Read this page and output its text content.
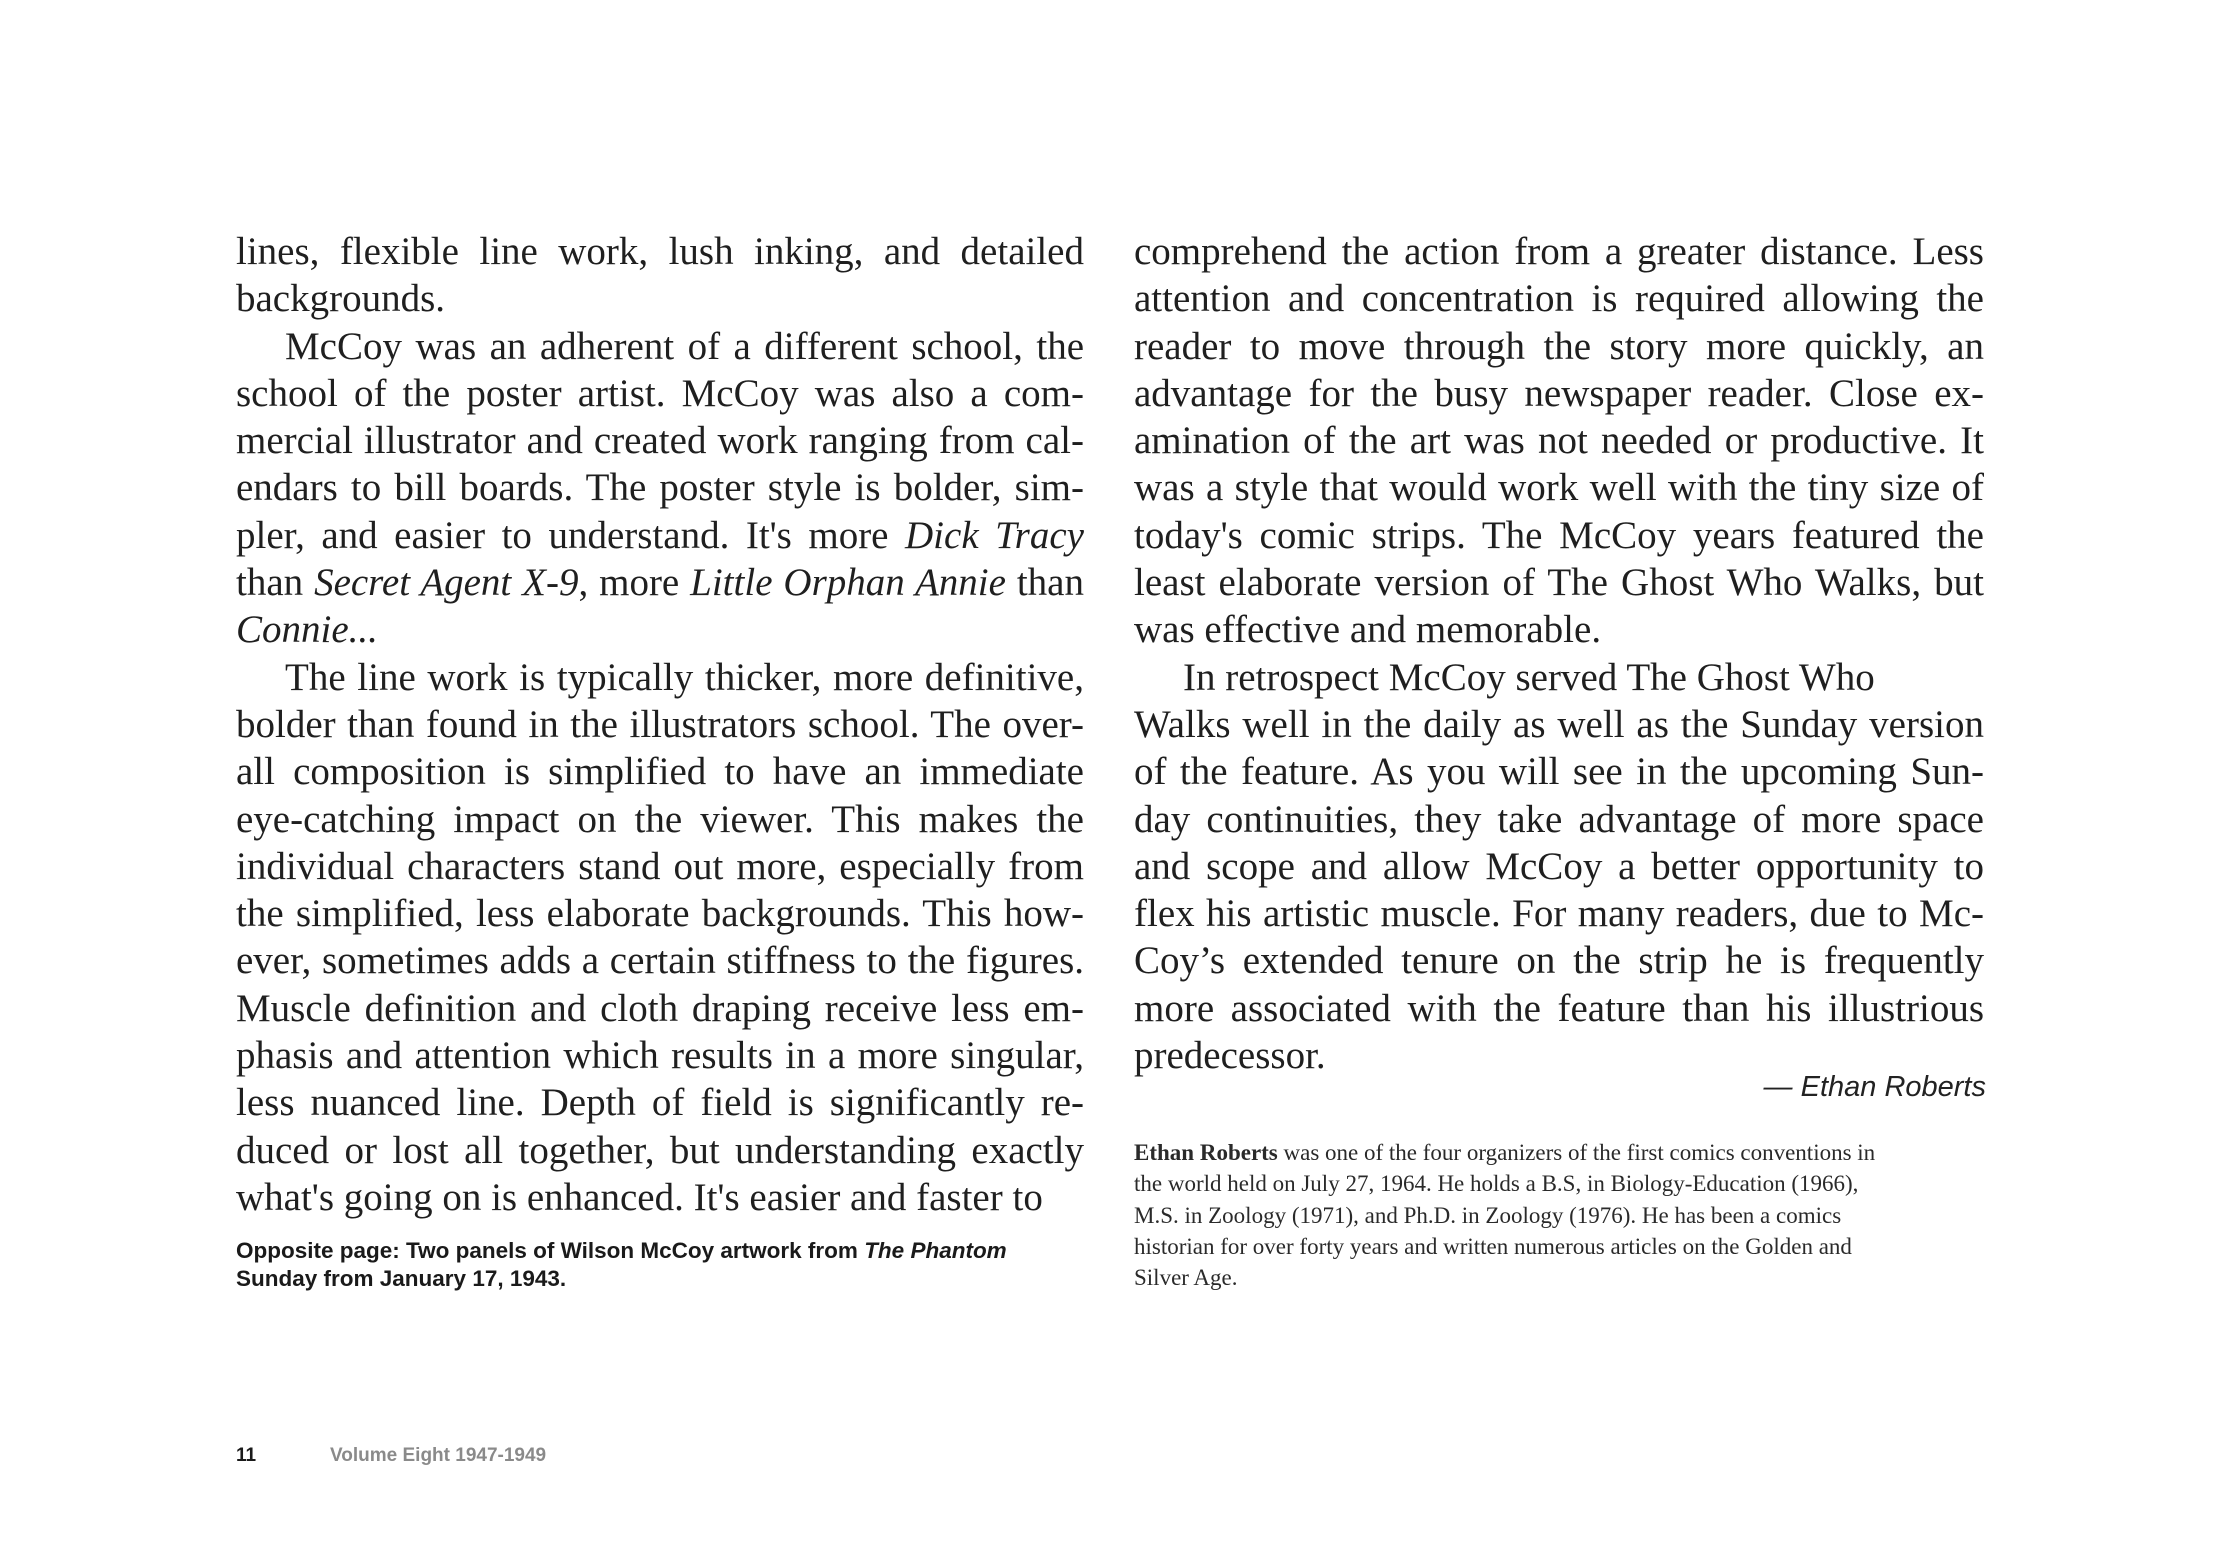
lines, flexible line work, lush inking, and detailed
backgrounds.
McCoy was an adherent of a different school, the
school of the poster artist. McCoy was also a com-
mercial illustrator and created work ranging from cal-
endars to bill boards. The poster style is bolder, sim-
pler, and easier to understand. It's more Dick Tracy
than Secret Agent X-9, more Little Orphan Annie than
Connie...
The line work is typically thicker, more definitive,
bolder than found in the illustrators school. The over-
all composition is simplified to have an immediate
eye-catching impact on the viewer. This makes the
individual characters stand out more, especially from
the simplified, less elaborate backgrounds. This how-
ever, sometimes adds a certain stiffness to the figures.
Muscle definition and cloth draping receive less em-
phasis and attention which results in a more singular,
less nuanced line. Depth of field is significantly re-
duced or lost all together, but understanding exactly
what's going on is enhanced. It's easier and faster to
Opposite page: Two panels of Wilson McCoy artwork from The Phantom
Sunday from January 17, 1943.
comprehend the action from a greater distance. Less
attention and concentration is required allowing the
reader to move through the story more quickly, an
advantage for the busy newspaper reader. Close ex-
amination of the art was not needed or productive. It
was a style that would work well with the tiny size of
today's comic strips. The McCoy years featured the
least elaborate version of The Ghost Who Walks, but
was effective and memorable.
In retrospect McCoy served The Ghost Who
Walks well in the daily as well as the Sunday version
of the feature. As you will see in the upcoming Sun-
day continuities, they take advantage of more space
and scope and allow McCoy a better opportunity to
flex his artistic muscle. For many readers, due to Mc-
Coy’s extended tenure on the strip he is frequently
more associated with the feature than his illustrious
predecessor.
— Ethan Roberts
Ethan Roberts was one of the four organizers of the first comics conventions in
the world held on July 27, 1964. He holds a B.S, in Biology-Education (1966),
M.S. in Zoology (1971), and Ph.D. in Zoology (1976). He has been a comics
historian for over forty years and written numerous articles on the Golden and
Silver Age.
11	Volume Eight 1947-1949
